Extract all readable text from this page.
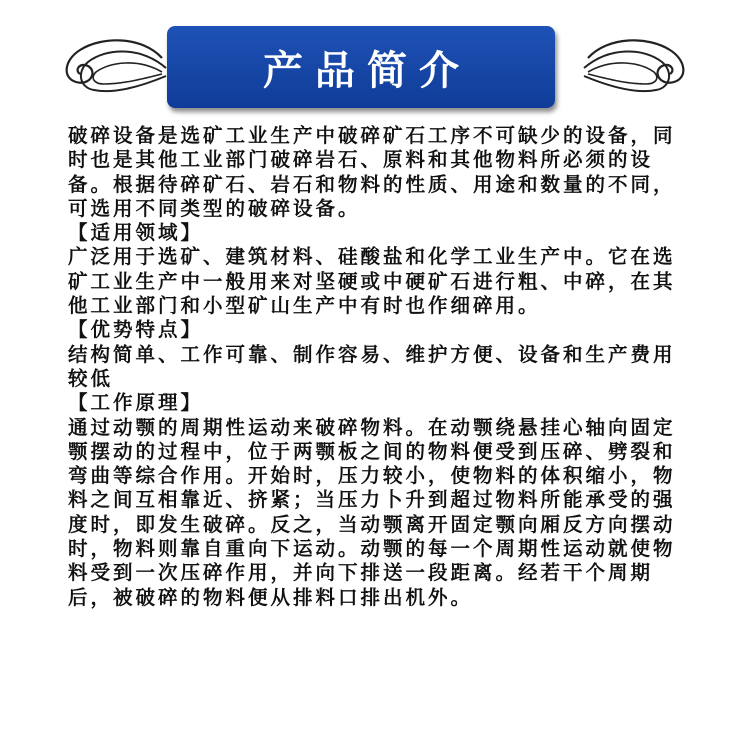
产品简介

破碎设备是选矿工业生产中破碎矿石工序不可缺少的设备，同时也是其他工业部门破碎岩石、原料和其他物料所必须的设备。根据待碎矿石、岩石和物料的性质、用途和数量的不同，可选用不同类型的破碎设备。

【适用领域】

广泛用于选矿、建筑材料、硅酸盐和化学工业生产中。它在选矿工业生产中一般用来对坚硬或中硬矿石进行粗、中碎，在其他工业部门和小型矿山生产中有时也作细碎用。

【优势特点】

结构简单、工作可靠、制作容易、维护方便、设备和生产费用较低

【工作原理】

通过动颚的周期性运动来破碎物料。在动颚绕悬挂心轴向固定颚摆动的过程中，位于两颚板之间的物料便受到压碎、劈裂和弯曲等综合作用。开始时，压力较小，使物料的体积缩小，物料之间互相靠近、挤紧；当压力卜升到超过物料所能承受的强度时，即发生破碎。反之，当动颚离开固定颚向厢反方向摆动时，物料则靠自重向下运动。动颚的每一个周期性运动就使物料受到一次压碎作用，并向下排送一段距离。经若干个周期后，被破碎的物料便从排料口排出机外。
